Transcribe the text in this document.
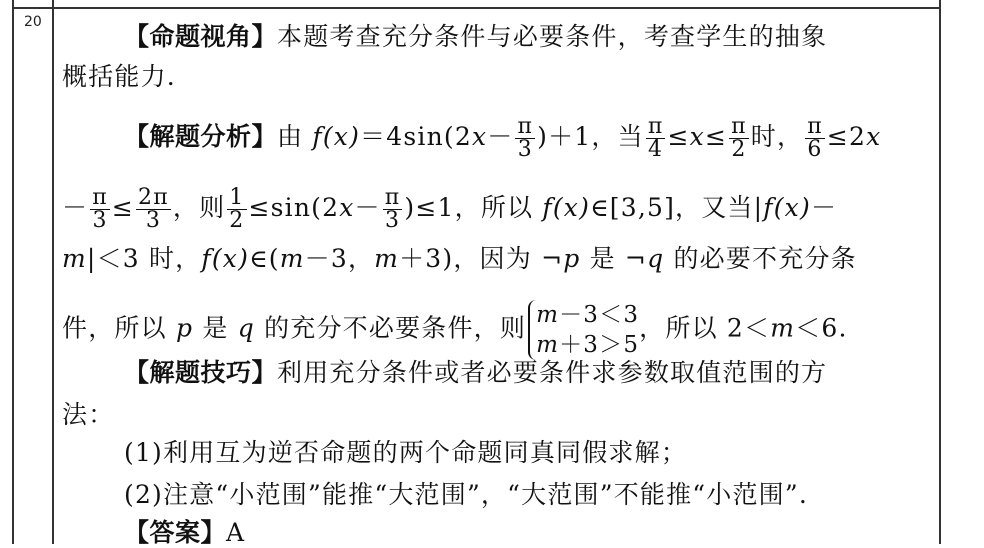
20	【命题视角】本题考查充分条件与必要条件，考查学生的抽象
概括能力.
【解题分析】由 $f(x)=4\sin(2x- \frac{\pi}{3} )+1$，当 $\frac{\pi}{4} \le x\le \frac{\pi}{2}$ 时， $\frac{\pi}{6} \le 2x$
－ $\frac{\pi}{3} \le \frac{2\pi}{3}$ ，则 $\frac{1}{2} \le\sin(2x- \frac{\pi}{3} )\le 1$，所以 f(x)∈[3,5]，又当|f(x)－
m|＜3 时，f(x)∈(m－3，m＋3)，因为 ¬p 是 ¬q 的必要不充分条
件，所以 p 是 q 的充分不必要条件，则 m－3＜3
m＋3＞5
，所以 2＜m＜6.
【解题技巧】利用充分条件或者必要条件求参数取值范围的方
法：
(1)利用互为逆否命题的两个命题同真同假求解；
(2)注意“小范围”能推“大范围”，“大范围”不能推“小范围”.
【答案】A
